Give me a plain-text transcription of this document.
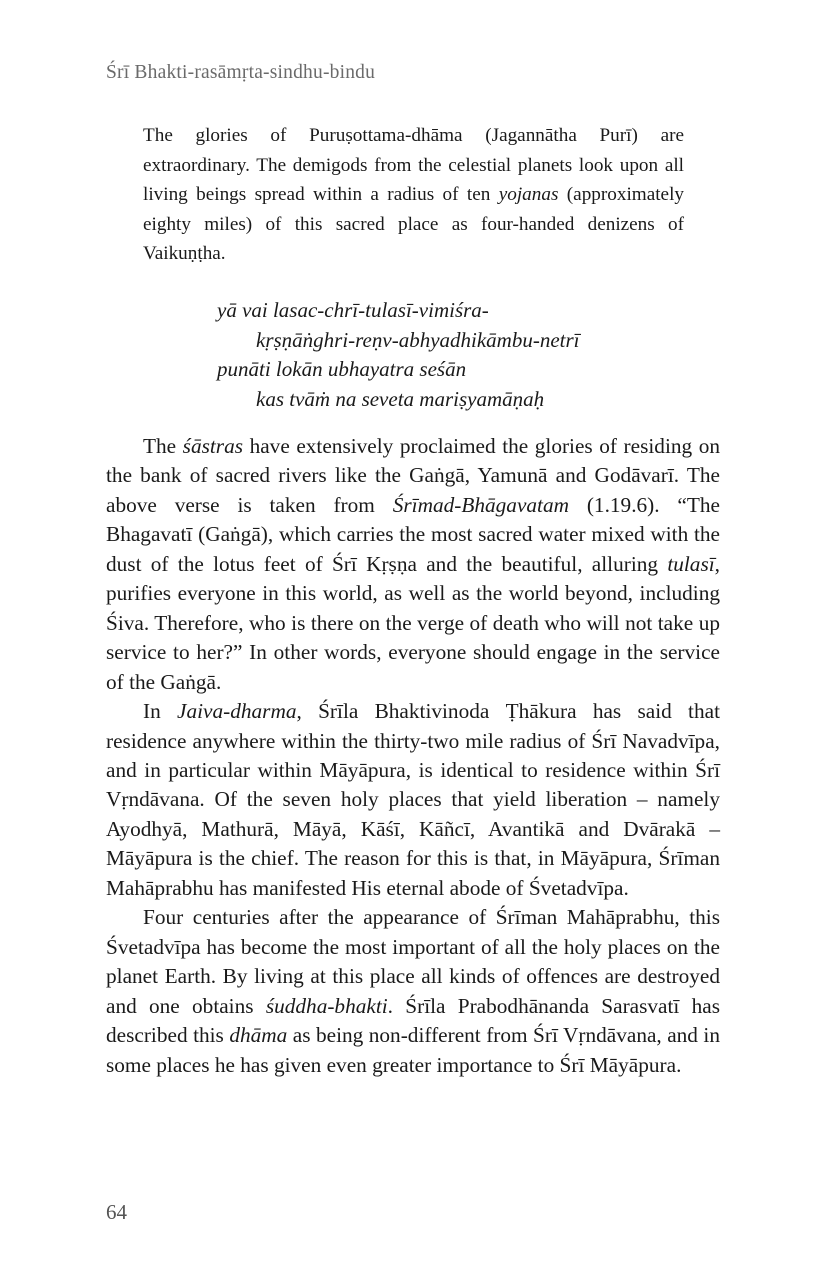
Śrī Bhakti-rasāmṛta-sindhu-bindu
The glories of Puruṣottama-dhāma (Jagannātha Purī) are extraordinary. The demigods from the celestial planets look upon all living beings spread within a radius of ten yojanas (approximately eighty miles) of this sacred place as four-handed denizens of Vaikuṇṭha.
yā vai lasac-chrī-tulasī-vimiśra-
kṛṣṇāṅghri-reṇv-abhyadhikāmbu-netrī
punāti lokān ubhayatra seśān
kas tvāṁ na seveta mariṣyamāṇaḥ

The śāstras have extensively proclaimed the glories of residing on the bank of sacred rivers like the Gaṅgā, Yamunā and Godāvarī. The above verse is taken from Śrīmad-Bhāgavatam (1.19.6). “The Bhagavatī (Gaṅgā), which carries the most sacred water mixed with the dust of the lotus feet of Śrī Kṛṣṇa and the beautiful, alluring tulasī, purifies everyone in this world, as well as the world beyond, including Śiva. Therefore, who is there on the verge of death who will not take up service to her?” In other words, everyone should engage in the service of the Gaṅgā.

In Jaiva-dharma, Śrīla Bhaktivinoda Ṭhākura has said that residence anywhere within the thirty-two mile radius of Śrī Navadvīpa, and in particular within Māyāpura, is identical to residence within Śrī Vṛndāvana. Of the seven holy places that yield liberation – namely Ayodhyā, Mathurā, Māyā, Kāśī, Kāñcī, Avantikā and Dvārakā – Māyāpura is the chief. The reason for this is that, in Māyāpura, Śrīman Mahāprabhu has manifested His eternal abode of Śvetadvīpa.

Four centuries after the appearance of Śrīman Mahāprabhu, this Śvetadvīpa has become the most important of all the holy places on the planet Earth. By living at this place all kinds of offences are destroyed and one obtains śuddha-bhakti. Śrīla Prabodhānanda Sarasvatī has described this dhāma as being non-different from Śrī Vṛndāvana, and in some places he has given even greater importance to Śrī Māyāpura.

64
